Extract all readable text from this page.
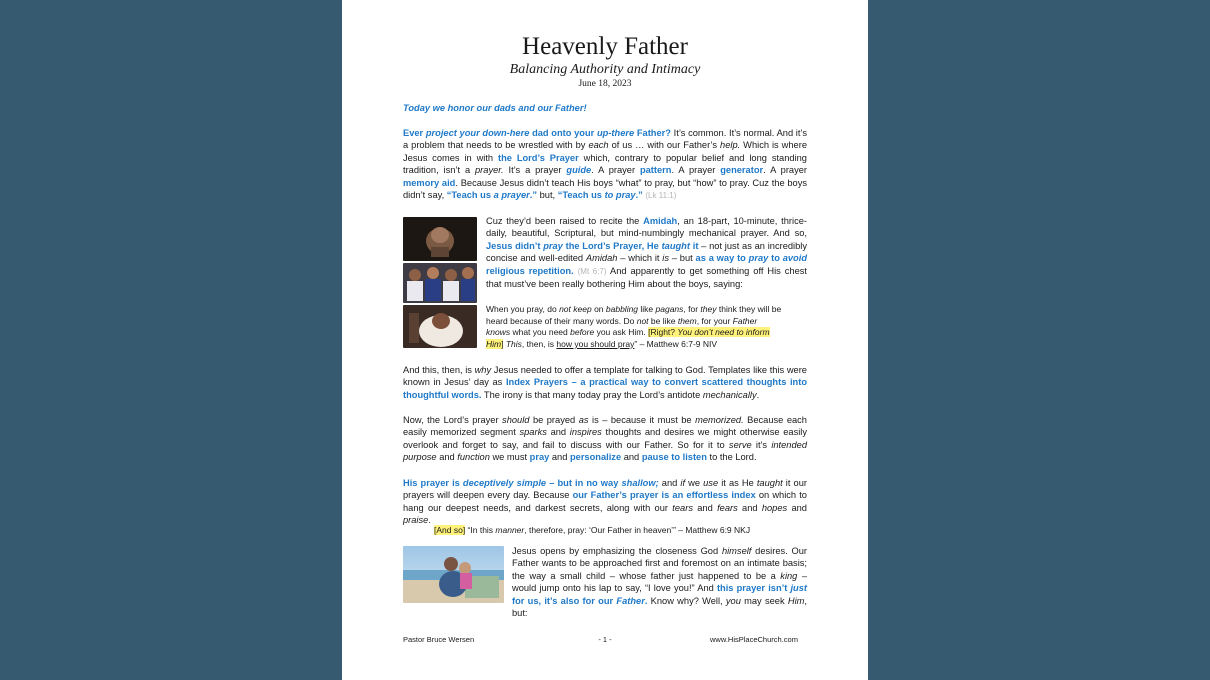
Heavenly Father
Balancing Authority and Intimacy
June 18, 2023

Today we honor our dads and our Father!

Ever project your down-here dad onto your up-there Father? It’s common. It’s normal. And it’s a problem that needs to be wrestled with by each of us … with our Father’s help. Which is where Jesus comes in with the Lord’s Prayer which, contrary to popular belief and long standing tradition, isn’t a prayer. It’s a prayer guide. A prayer pattern. A prayer generator. A prayer memory aid. Because Jesus didn’t teach His boys “what” to pray, but “how” to pray. Cuz the boys didn’t say, “Teach us a prayer.” but, “Teach us to pray.” (Lk 11:1)

Cuz they’d been raised to recite the Amidah, an 18-part, 10-minute, thrice-daily, beautiful, Scriptural, but mind-numbingly mechanical prayer. And so, Jesus didn’t pray the Lord’s Prayer, He taught it – not just as an incredibly concise and well-edited Amidah – which it is – but as a way to pray to avoid religious repetition. (Mt 6:7) And apparently to get something off His chest that must’ve been really bothering Him about the boys, saying:

When you pray, do not keep on babbling like pagans, for they think they will be heard because of their many words. Do not be like them, for your Father knows what you need before you ask Him. [Right? You don’t need to inform Him] This, then, is how you should pray” – Matthew 6:7-9 NIV

And this, then, is why Jesus needed to offer a template for talking to God. Templates like this were known in Jesus’ day as Index Prayers – a practical way to convert scattered thoughts into thoughtful words. The irony is that many today pray the Lord’s antidote mechanically.

Now, the Lord’s prayer should be prayed as is – because it must be memorized. Because each easily memorized segment sparks and inspires thoughts and desires we might otherwise easily overlook and forget to say, and fail to discuss with our Father. So for it to serve it’s intended purpose and function we must pray and personalize and pause to listen to the Lord.

His prayer is deceptively simple – but in no way shallow; and if we use it as He taught it our prayers will deepen every day. Because our Father’s prayer is an effortless index on which to hang our deepest needs, and darkest secrets, along with our tears and fears and hopes and praise.

[And so] “In this manner, therefore, pray: ‘Our Father in heaven’” – Matthew 6:9 NKJ

Jesus opens by emphasizing the closeness God himself desires. Our Father wants to be approached first and foremost on an intimate basis; the way a small child – whose father just happened to be a king – would jump onto his lap to say, “I love you!” And this prayer isn’t just for us, it’s also for our Father. Know why? Well, you may seek Him, but:

Pastor Bruce Wersen	- 1 -	www.HisPlaceChurch.com
